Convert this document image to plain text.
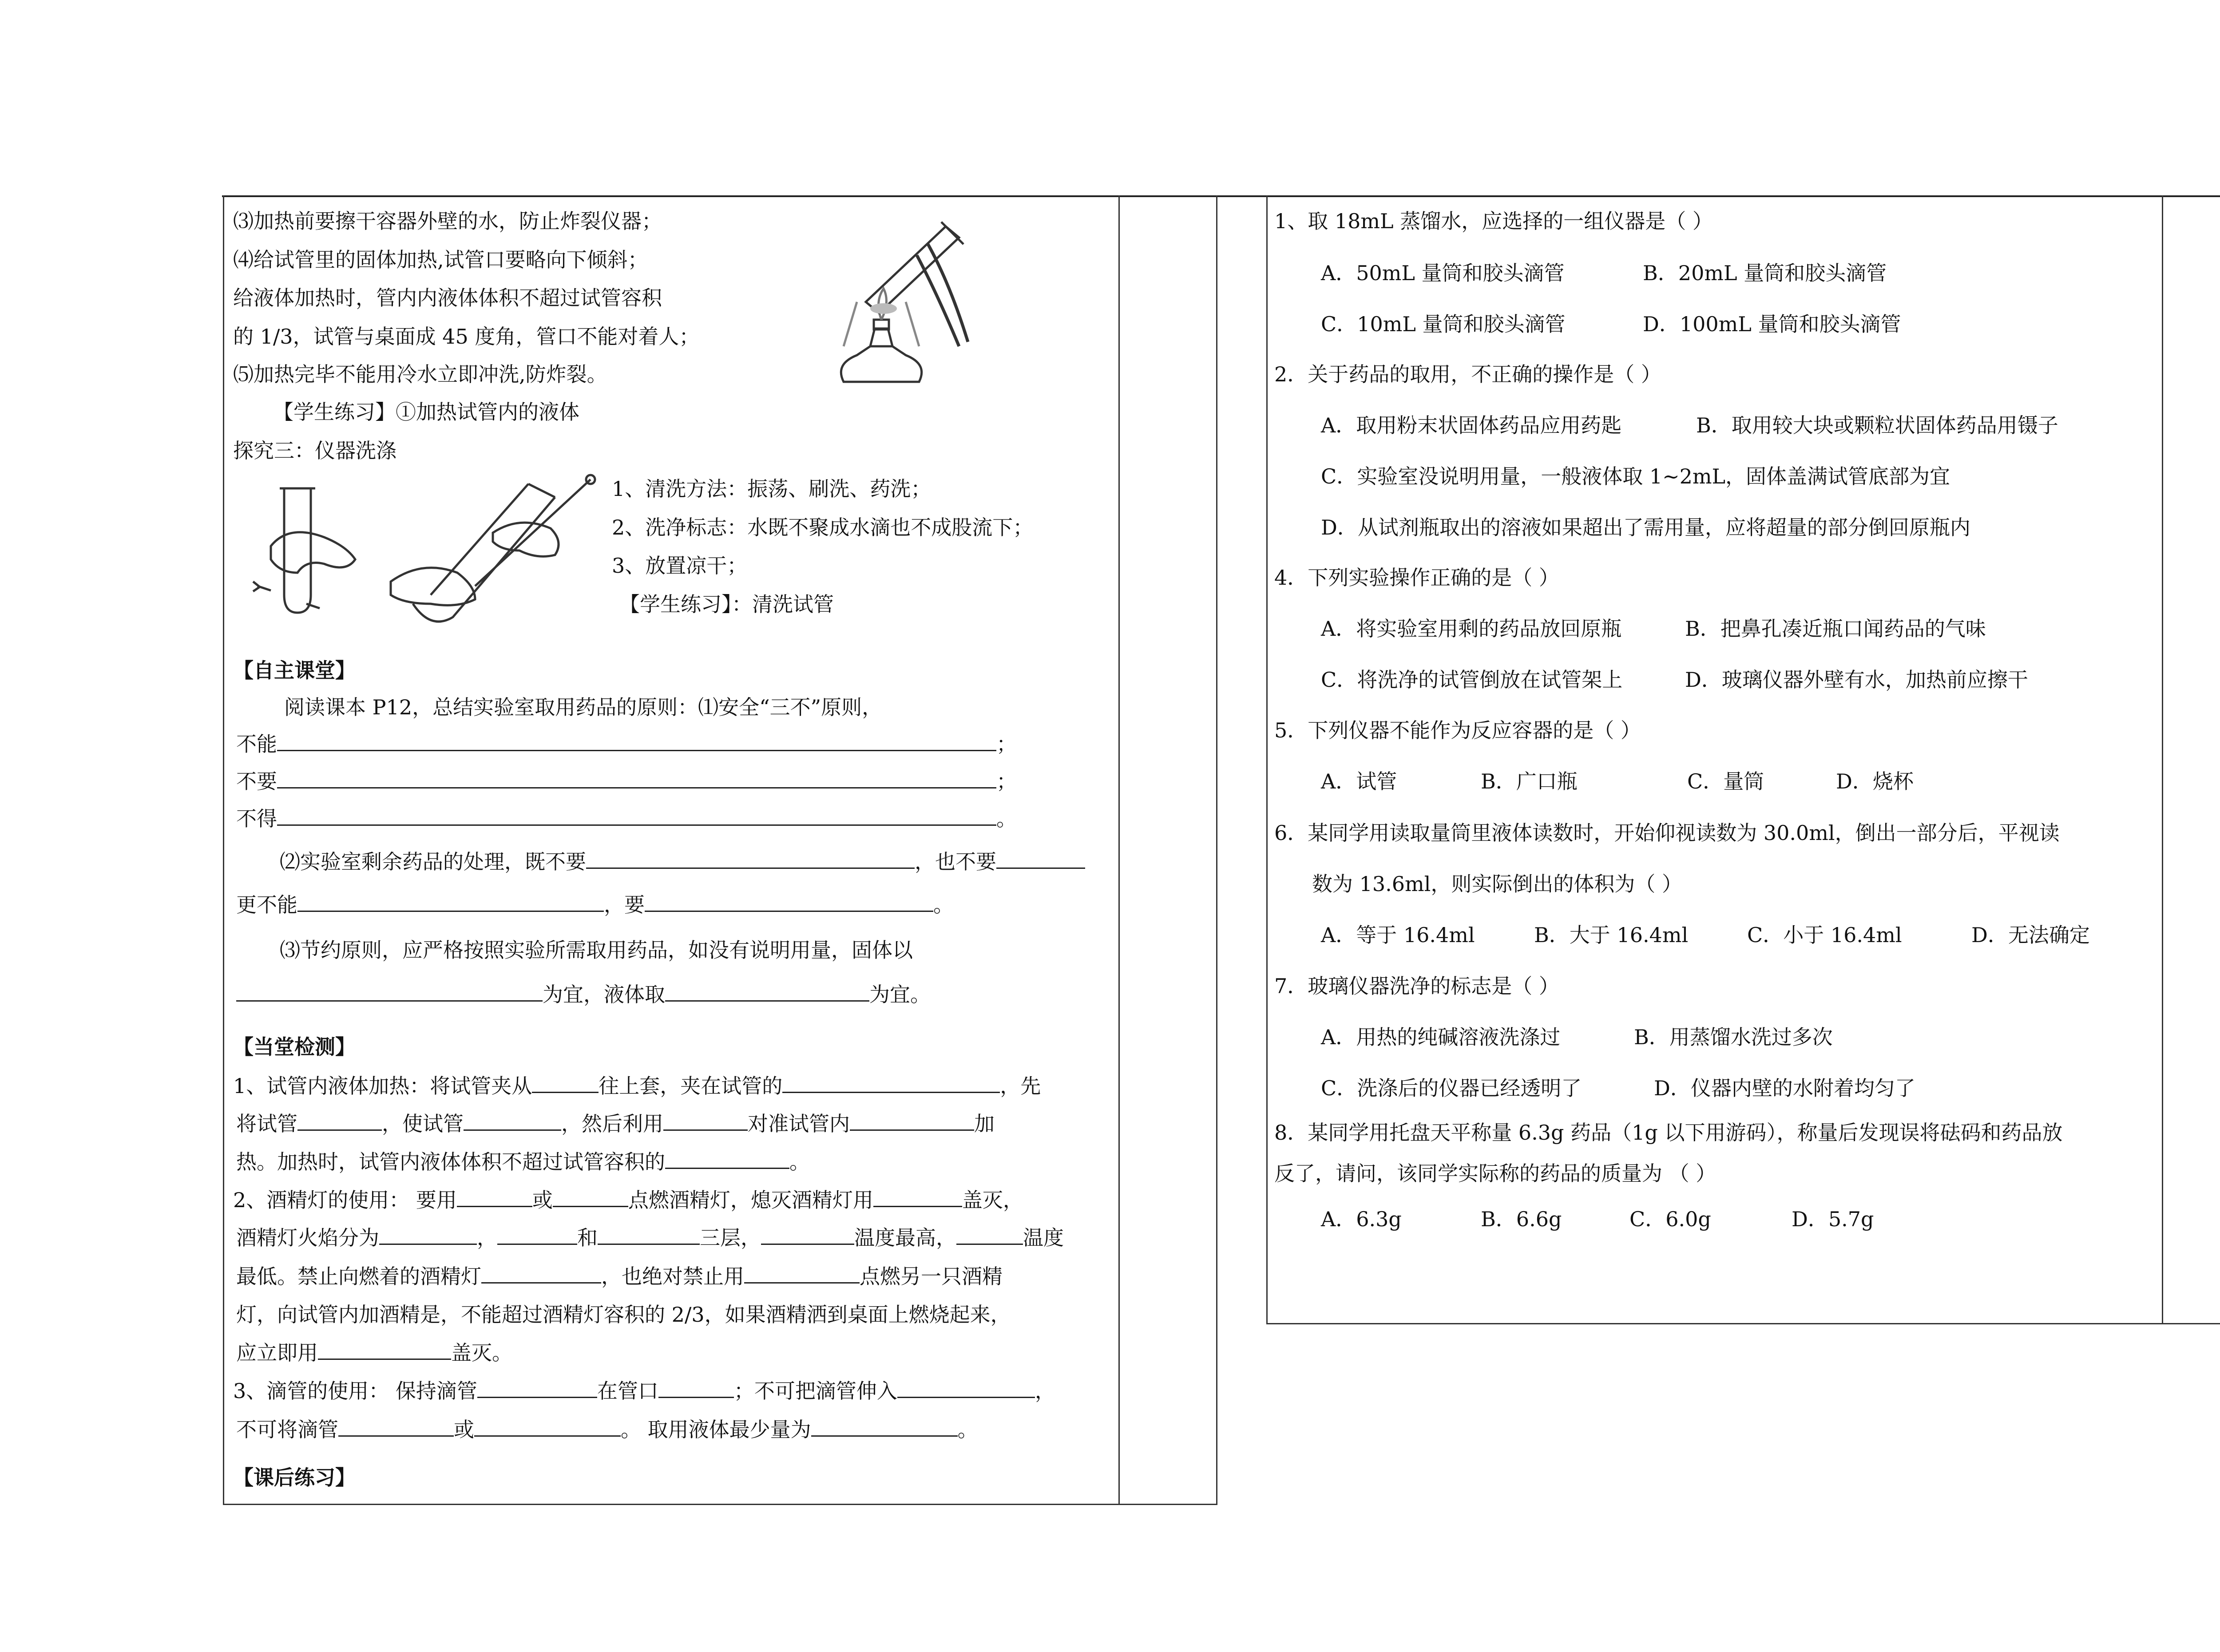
⑶加热前要擦干容器外壁的水，防止炸裂仪器；
⑷给试管里的固体加热,试管口要略向下倾斜；
给液体加热时，管内内液体体积不超过试管容积
的 1/3，试管与桌面成 45 度角，管口不能对着人；
⑸加热完毕不能用冷水立即冲洗,防炸裂。
【学生练习】①加热试管内的液体
探究三：仪器洗涤
1、清洗方法：振荡、刷洗、药洗；
2、洗净标志：水既不聚成水滴也不成股流下；
3、放置凉干；
【学生练习】：清洗试管
【自主课堂】
阅读课本 P12，总结实验室取用药品的原则：⑴安全“三不”原则，
不能	；
不要	；
不得	。
⑵实验室剩余药品的处理，既不要	，也不要
更不能	，要	。
⑶节约原则，应严格按照实验所需取用药品，如没有说明用量，固体以
为宜，液体取	为宜。
【当堂检测】
1、试管内液体加热：将试管夹从	往上套，夹在试管的	，先
将试管	，使试管	，然后利用	对准试管内	加
热。加热时，试管内液体体积不超过试管容积的	。
2、酒精灯的使用： 要用	或	点燃酒精灯，熄灭酒精灯用	盖灭，
酒精灯火焰分为	，	和	三层，	温度最高，	温度
最低。禁止向燃着的酒精灯	，也绝对禁止用	点燃另一只酒精
灯，向试管内加酒精是，不能超过酒精灯容积的 2/3，如果酒精洒到桌面上燃烧起来，
应立即用	盖灭。
3、滴管的使用： 保持滴管	在管口	；不可把滴管伸入	，
不可将滴管	或	。 取用液体最少量为	。
【课后练习】
1、取 18mL 蒸馏水，应选择的一组仪器是（ ）
A．50mL 量筒和胶头滴管	B．20mL 量筒和胶头滴管
C．10mL 量筒和胶头滴管	D．100mL 量筒和胶头滴管
2．关于药品的取用，不正确的操作是（ ）
A．取用粉末状固体药品应用药匙	B．取用较大块或颗粒状固体药品用镊子
C．实验室没说明用量，一般液体取 1~2mL，固体盖满试管底部为宜
D．从试剂瓶取出的溶液如果超出了需用量，应将超量的部分倒回原瓶内
4．下列实验操作正确的是（ ）
A．将实验室用剩的药品放回原瓶	B．把鼻孔凑近瓶口闻药品的气味
C．将洗净的试管倒放在试管架上	D．玻璃仪器外壁有水，加热前应擦干
5．下列仪器不能作为反应容器的是（ ）
A．试管	B．广口瓶	C．量筒	D．烧杯
6．某同学用读取量筒里液体读数时，开始仰视读数为 30.0ml，倒出一部分后，平视读
数为 13.6ml，则实际倒出的体积为（ ）
A．等于 16.4ml	B．大于 16.4ml	C．小于 16.4ml	D．无法确定
7．玻璃仪器洗净的标志是（ ）
A．用热的纯碱溶液洗涤过	B．用蒸馏水洗过多次
C．洗涤后的仪器已经透明了	D．仪器内壁的水附着均匀了
8．某同学用托盘天平称量 6.3g 药品（1g 以下用游码），称量后发现误将砝码和药品放
反了，请问，该同学实际称的药品的质量为 （ ）
A．6.3g	B．6.6g	C．6.0g	D．5.7g
